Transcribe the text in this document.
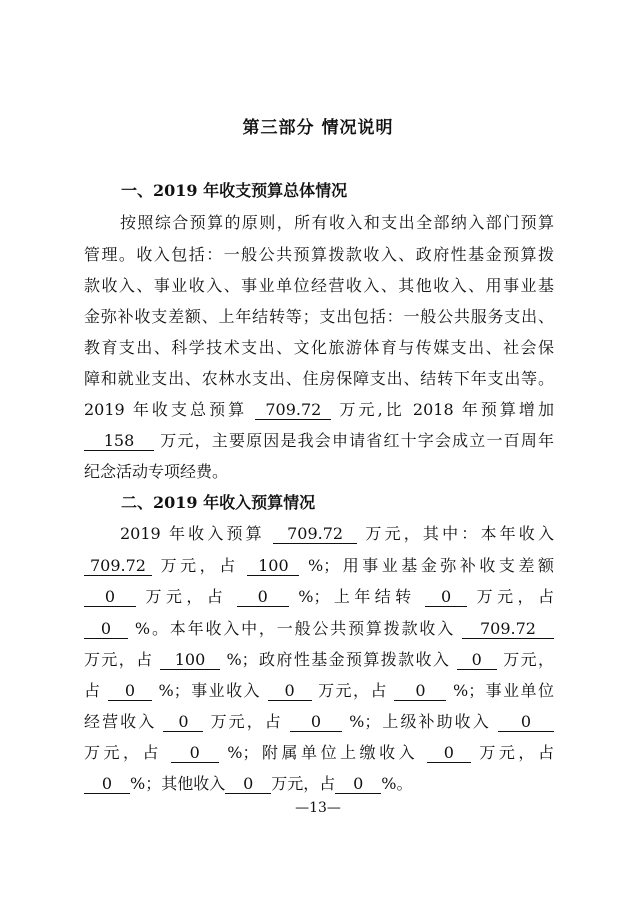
第三部分 情况说明
一、2019 年收支预算总体情况
按照综合预算的原则，所有收入和支出全部纳入部门预算
管理。收入包括：一般公共预算拨款收入、政府性基金预算拨
款收入、事业收入、事业单位经营收入、其他收入、用事业基
金弥补收支差额、上年结转等；支出包括：一般公共服务支出、
教育支出、科学技术支出、文化旅游体育与传媒支出、社会保
障和就业支出、农林水支出、住房保障支出、结转下年支出等。
2019 年收支总预算 709.72 万元,比 2018 年预算增加
158 万元，主要原因是我会申请省红十字会成立一百周年
纪念活动专项经费。
二、2019 年收入预算情况
2019 年收入预算 709.72 万元，其中：本年收入
709.72 万元，占 100 %；用事业基金弥补收支差额
0 万元，占 0 %；上年结转 0 万元，占
0 %。本年收入中，一般公共预算拨款收入 709.72
万元，占 100 %；政府性基金预算拨款收入 0 万元，
占 0 %；事业收入 0 万元，占 0 %；事业单位
经营收入 0 万元，占 0 %；上级补助收入 0
万元，占 0 %；附属单位上缴收入 0 万元，占
0 %；其他收入 0 万元，占 0 %。
—13—
